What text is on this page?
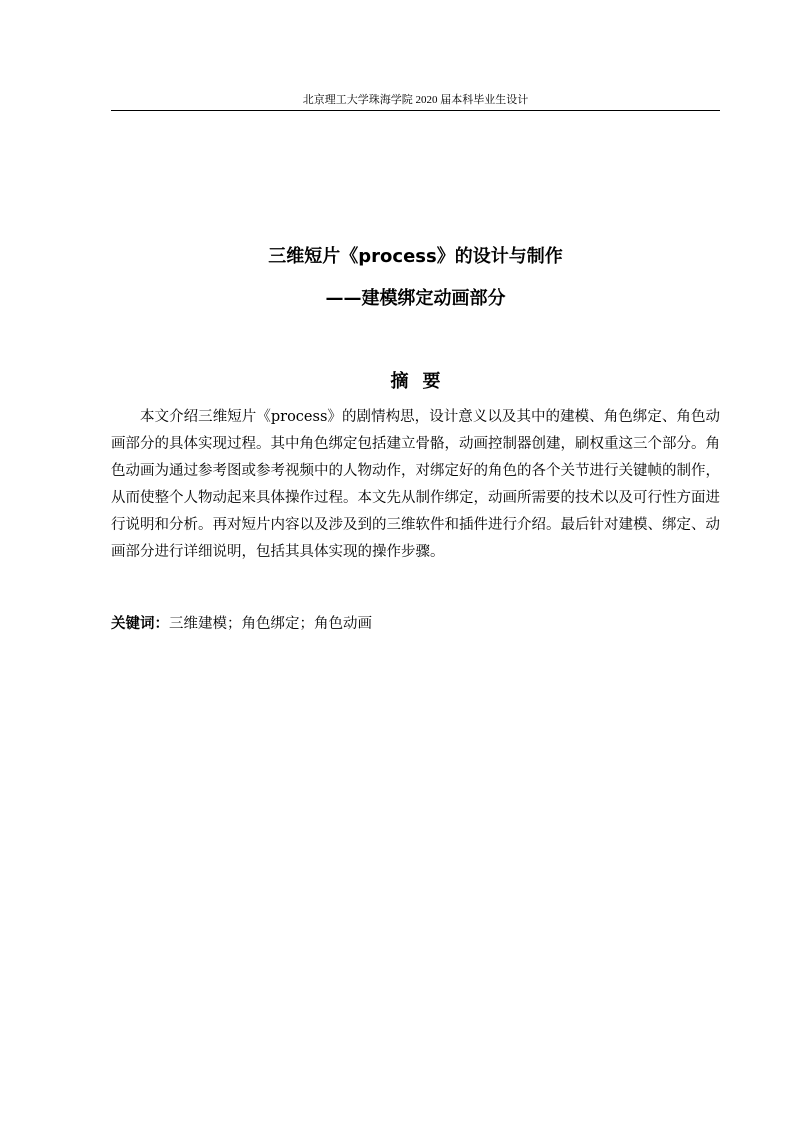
北京理工大学珠海学院 2020 届本科毕业生设计
三维短片《process》的设计与制作
——建模绑定动画部分
摘要

本文介绍三维短片《process》的剧情构思，设计意义以及其中的建模、角色绑定、角色动画部分的具体实现过程。其中角色绑定包括建立骨骼，动画控制器创建，刷权重这三个部分。角色动画为通过参考图或参考视频中的人物动作，对绑定好的角色的各个关节进行关键帧的制作，从而使整个人物动起来具体操作过程。本文先从制作绑定，动画所需要的技术以及可行性方面进行说明和分析。再对短片内容以及涉及到的三维软件和插件进行介绍。最后针对建模、绑定、动画部分进行详细说明，包括其具体实现的操作步骤。

关键词：三维建模；角色绑定；角色动画
